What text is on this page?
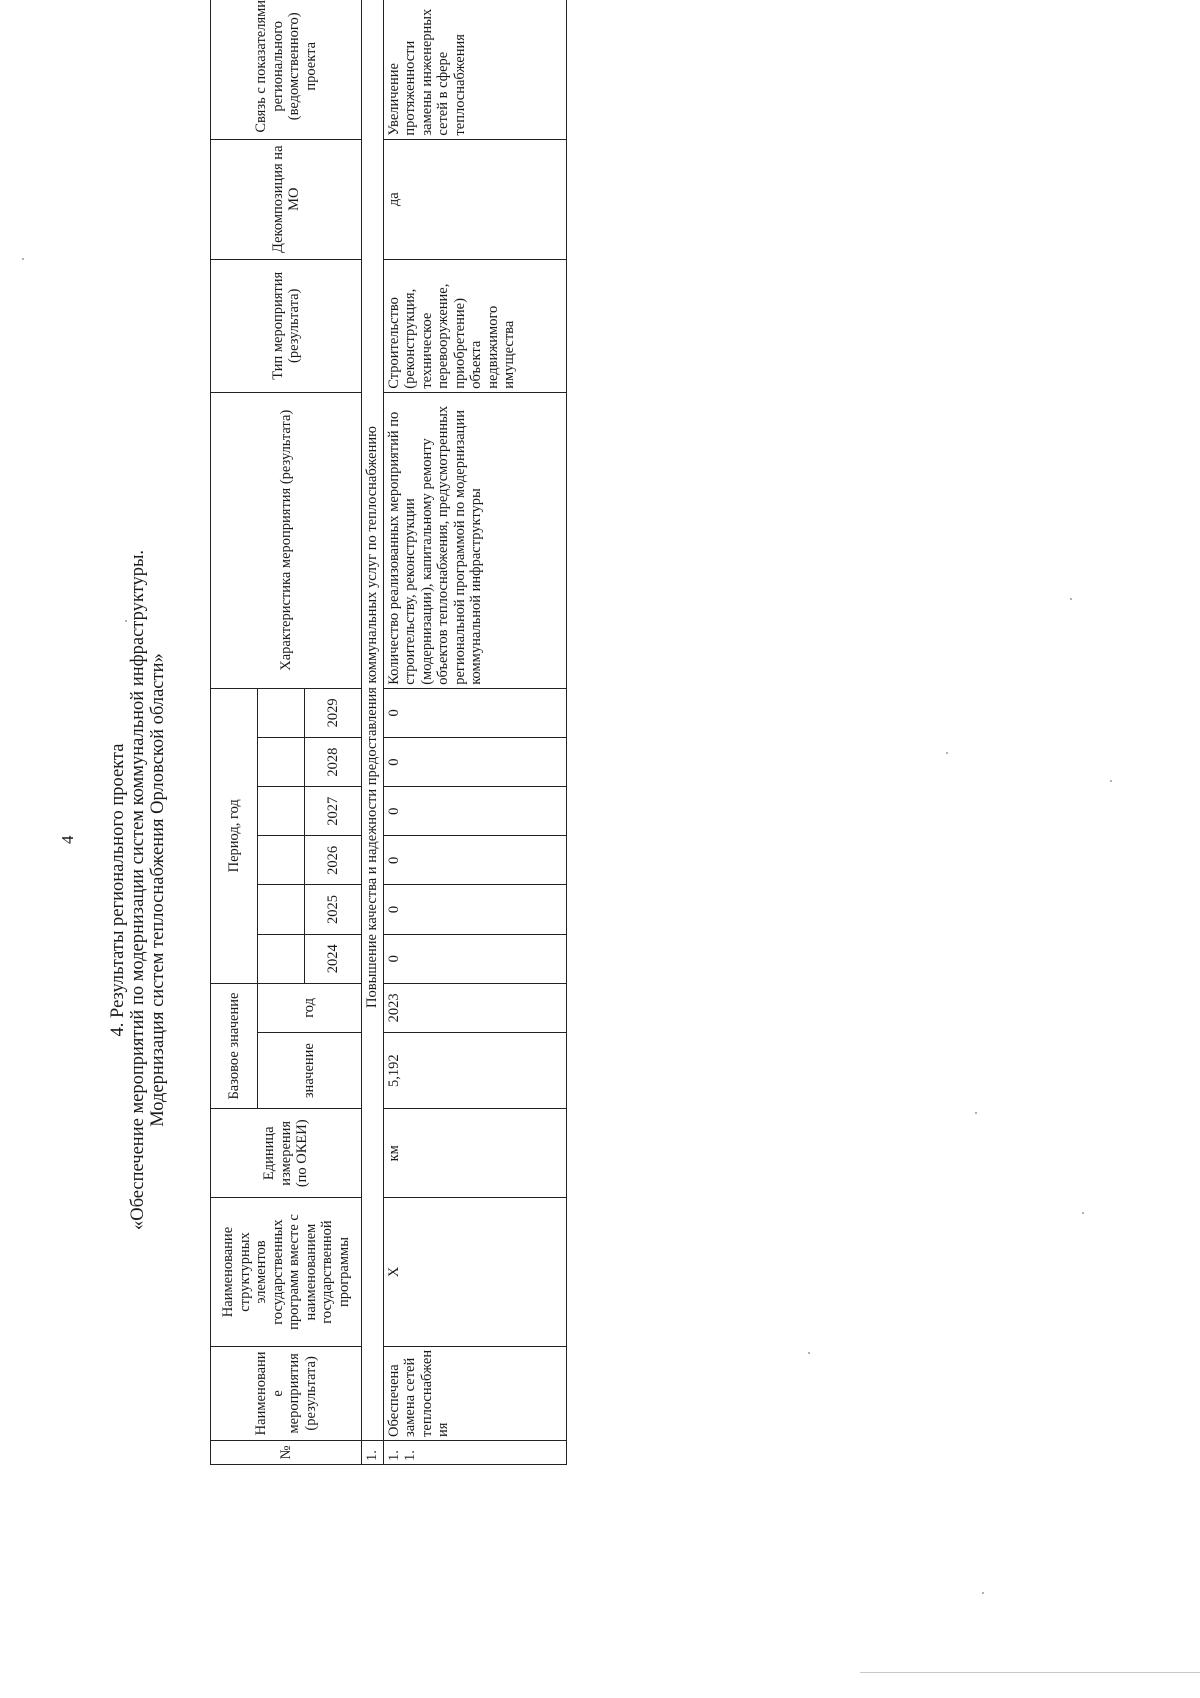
4 4. Результаты регионального проекта «Обеспечение мероприятий по модернизации систем коммунальной инфраструктуры. Модернизация систем теплоснабжения Орловской области»
№	Наименование мероприятия (результата)	Наименование структурных элементов государственных программ вместе с наименованием государственной программы	Единица измерения (по ОКЕИ)	Базовое значение		Период, год						Характеристика мероприятия (результата)	Тип мероприятия (результата)	Декомпозиция на МО	Связь с показателями регионального (ведомственного) проекта
				значение	год										
						2024	2025	2026	2027	2028	2029				
1.	Повышение качества и надежности предоставления коммунальных услуг по теплоснабжению														
1.1.	Обеспечена замена сетей теплоснабжения	Х	км	5,192	2023	0	0	0	0	0	0	Количество реализованных мероприятий по строительству, реконструкции (модернизации), капитальному ремонту объектов теплоснабжения, предусмотренных региональной программой по модернизации коммунальной инфраструктуры	Строительство (реконструкция, техническое перевооружение, приобретение) объекта недвижимого имущества	да	Увеличение протяженности замены инженерных сетей в сфере теплоснабжения
